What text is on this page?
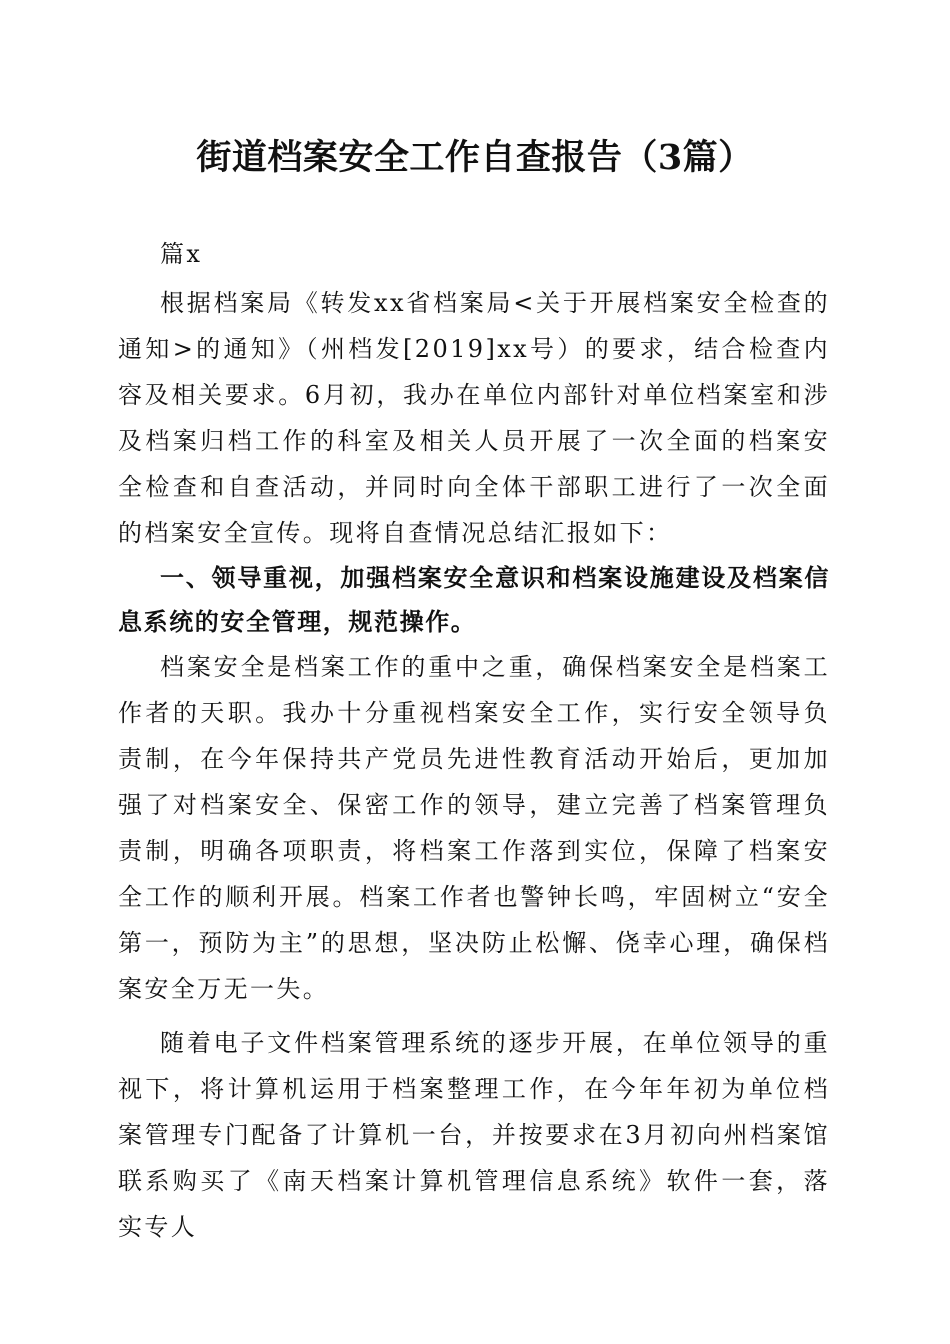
街道档案安全工作自查报告（3篇）

篇x

根据档案局《转发xx省档案局<关于开展档案安全检查的通知>的通知》（州档发[2019]xx号）的要求，结合检查内容及相关要求。6月初，我办在单位内部针对单位档案室和涉及档案归档工作的科室及相关人员开展了一次全面的档案安全检查和自查活动，并同时向全体干部职工进行了一次全面的档案安全宣传。现将自查情况总结汇报如下：

一、领导重视，加强档案安全意识和档案设施建设及档案信息系统的安全管理，规范操作。

档案安全是档案工作的重中之重，确保档案安全是档案工作者的天职。我办十分重视档案安全工作，实行安全领导负责制，在今年保持共产党员先进性教育活动开始后，更加加强了对档案安全、保密工作的领导，建立完善了档案管理负责制，明确各项职责，将档案工作落到实位，保障了档案安全工作的顺利开展。档案工作者也警钟长鸣，牢固树立“安全第一，预防为主”的思想，坚决防止松懈、侥幸心理，确保档案安全万无一失。

随着电子文件档案管理系统的逐步开展，在单位领导的重视下，将计算机运用于档案整理工作，在今年年初为单位档案管理专门配备了计算机一台，并按要求在3月初向州档案馆联系购买了《南天档案计算机管理信息系统》软件一套，落实专人
